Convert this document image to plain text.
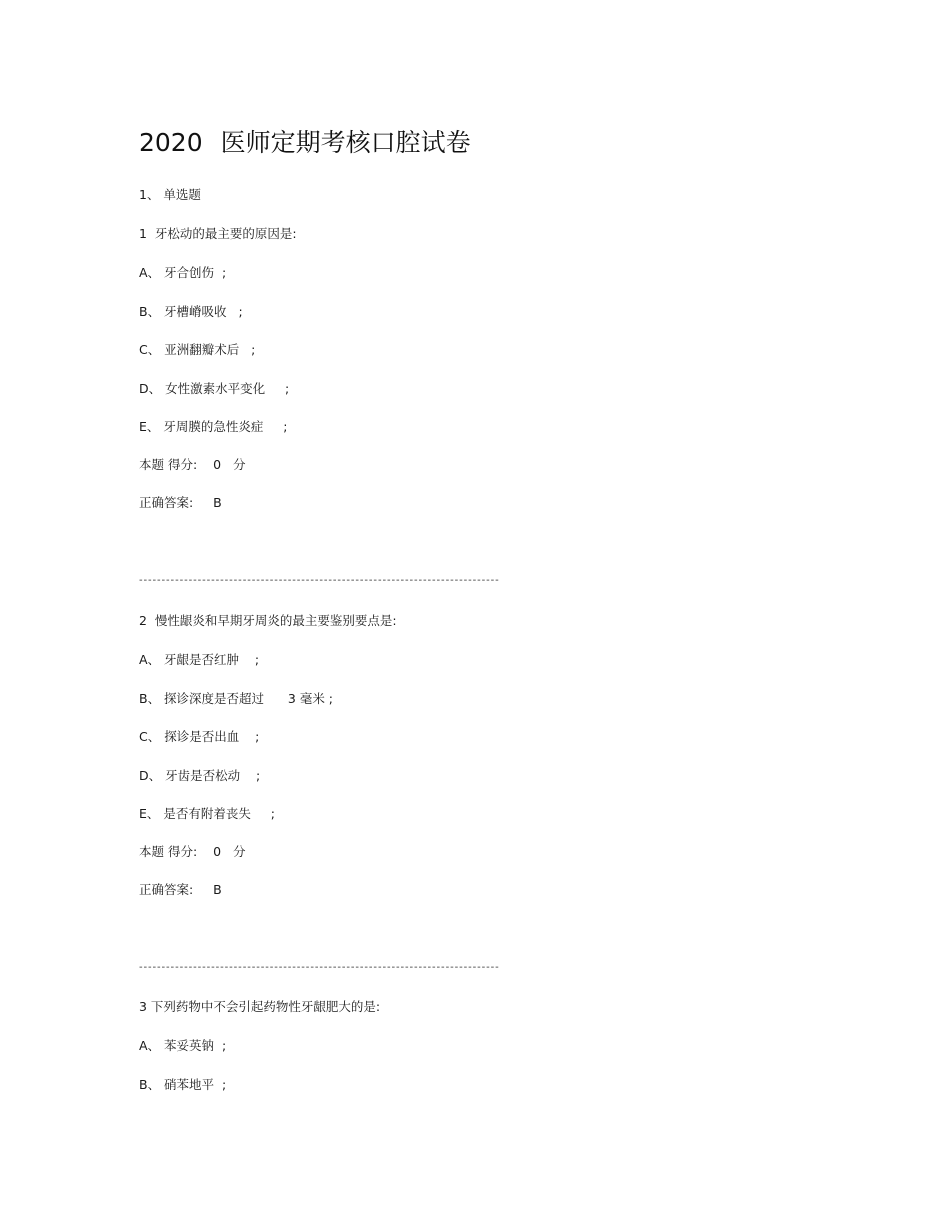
2020 医师定期考核口腔试卷
1、 单选题
1  牙松动的最主要的原因是:
A、 牙合创伤  ;
B、 牙槽嵴吸收   ;
C、 亚洲翻瓣术后   ;
D、 女性激素水平变化     ;
E、 牙周膜的急性炎症     ;
本题 得分:    0   分
正确答案:     B
--------------------------------------------------------------------------------
2  慢性龈炎和早期牙周炎的最主要鉴别要点是:
A、 牙龈是否红肿    ;
B、 探诊深度是否超过      3 毫米 ;
C、 探诊是否出血    ;
D、 牙齿是否松动    ;
E、 是否有附着丧失     ;
本题 得分:    0   分
正确答案:     B
--------------------------------------------------------------------------------
3 下列药物中不会引起药物性牙龈肥大的是:
A、 苯妥英钠  ;
B、 硝苯地平  ;
